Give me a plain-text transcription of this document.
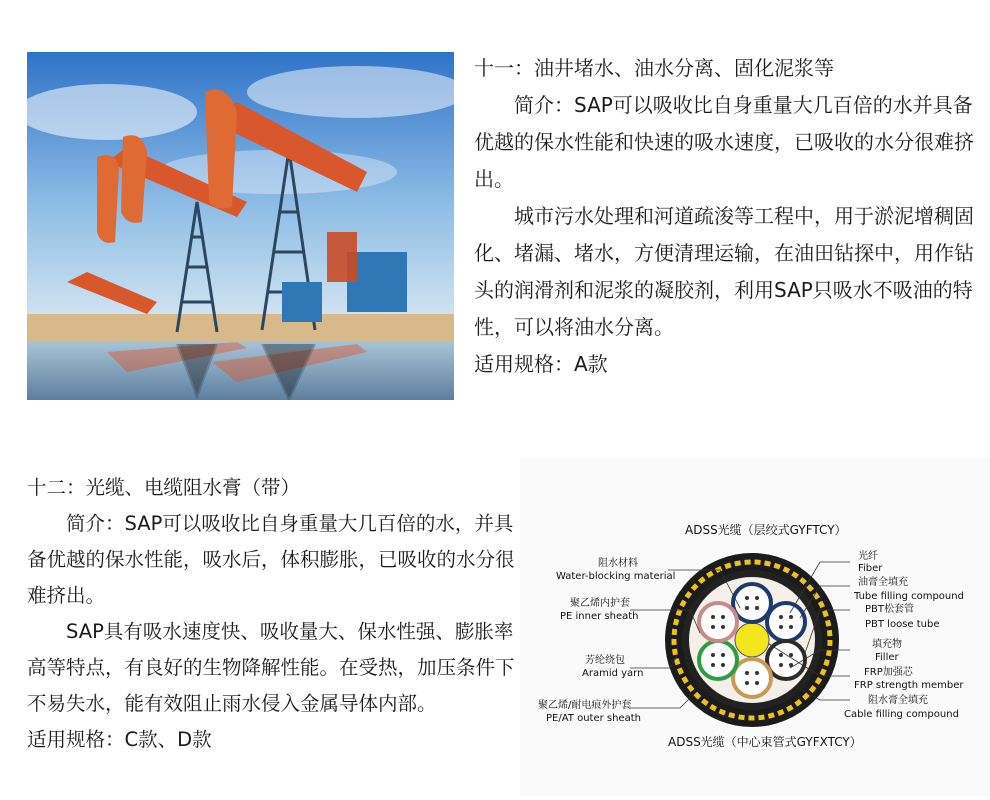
十一：油井堵水、油水分离、固化泥浆等

简介：SAP可以吸收比自身重量大几百倍的水并具备优越的保水性能和快速的吸水速度，已吸收的水分很难挤出。

城市污水处理和河道疏浚等工程中，用于淤泥增稠固化、堵漏、堵水，方便清理运输，在油田钻探中，用作钻头的润滑剂和泥浆的凝胶剂，利用SAP只吸水不吸油的特性，可以将油水分离。

适用规格：A款

十二：光缆、电缆阻水膏（带）

简介：SAP可以吸收比自身重量大几百倍的水，并具备优越的保水性能，吸水后，体积膨胀，已吸收的水分很难挤出。

SAP具有吸水速度快、吸收量大、保水性强、膨胀率高等特点，有良好的生物降解性能。在受热，加压条件下不易失水，能有效阻止雨水侵入金属导体内部。

适用规格：C款、D款

ADSS光缆（层绞式GYFTCY）
阻水材料
Water-blocking material
聚乙烯内护套
PE inner sheath
芳纶绕包
Aramid yarn
聚乙烯/耐电痕外护套
PE/AT outer sheath
光纤
Fiber
油膏全填充
Tube filling compound
PBT松套管
PBT loose tube
填充物
Filler
FRP加强芯
FRP strength member
阻水膏全填充
Cable filling compound
ADSS光缆（中心束管式GYFXTCY）
